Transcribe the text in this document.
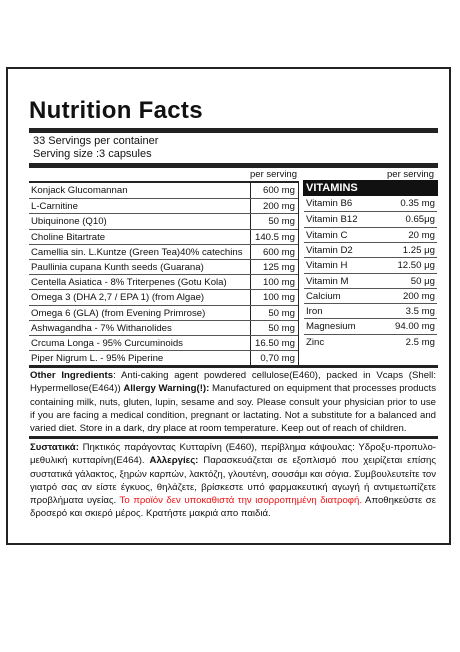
Nutrition Facts
33 Servings per container
Serving size :3 capsules
per serving	per serving
Konjack Glucomannan	600 mg
L-Carnitine	200 mg
Ubiquinone (Q10)	50 mg
Choline Bitartrate	140.5 mg
Camellia sin. L.Kuntze (Green Tea)40% catechins 600 mg
Paullinia cupana Kunth seeds (Guarana)	125 mg
Centella Asiatica - 8% Triterpenes (Gotu Kola)	100 mg
Omega 3 (DHA 2,7 / EPA 1) (from Algae)	100 mg
Omega 6 (GLA) (from Evening Primrose)	50 mg
Ashwagandha - 7% Withanolides	50 mg
Crcuma Longa - 95% Curcuminoids	16.50 mg
Piper Nigrum L. - 95% Piperine	0,70 mg
VITAMINS
Vitamin B6	0.35 mg
Vitamin B12	0.65μg
Vitamin C	20 mg
Vitamin D2	1.25 μg
Vitamin H	12.50 μg
Vitamin M	50 μg
Calcium	200 mg
Iron	3.5 mg
Magnesium	94.00 mg
Zinc	2.5 mg

Other Ingredients: Anti-caking agent powdered cellulose(E460), packed in Vcaps (Shell: Hypermellose(E464)) Allergy Warning(!): Manufactured on equipment that processes products containing milk, nuts, gluten, lupin, sesame and soy. Please consult your physician prior to use if you are facing a medical condition, pregnant or lactating. Not a substitute for a balanced and varied diet. Store in a dark, dry place at room temperature. Keep out of reach of children.

Συστατικά: Πηκτικός παράγοντας Κυτταρίνη (E460), περίβλημα κάψουλας: Υδροξυ-προπυλο-μεθυλική κυτταρίνη(E464). Αλλεργίες: Παρασκευάζεται σε εξοπλισμό που χειρίζεται επίσης συστατικά γάλακτος, ξηρών καρπών, λακτόζη, γλουτένη, σουσάμι και σόγια. Συμβουλευτείτε τον γιατρό σας αν είστε έγκυος, θηλάζετε, βρίσκεστε υπό φαρμακευτική αγωγή ή αντιμετωπίζετε προβλήματα υγείας. Το προϊόν δεν υποκαθιστά την ισορροπημένη διατροφή. Αποθηκεύστε σε δροσερό και σκιερό μέρος. Κρατήστε μακριά απο παιδιά.
